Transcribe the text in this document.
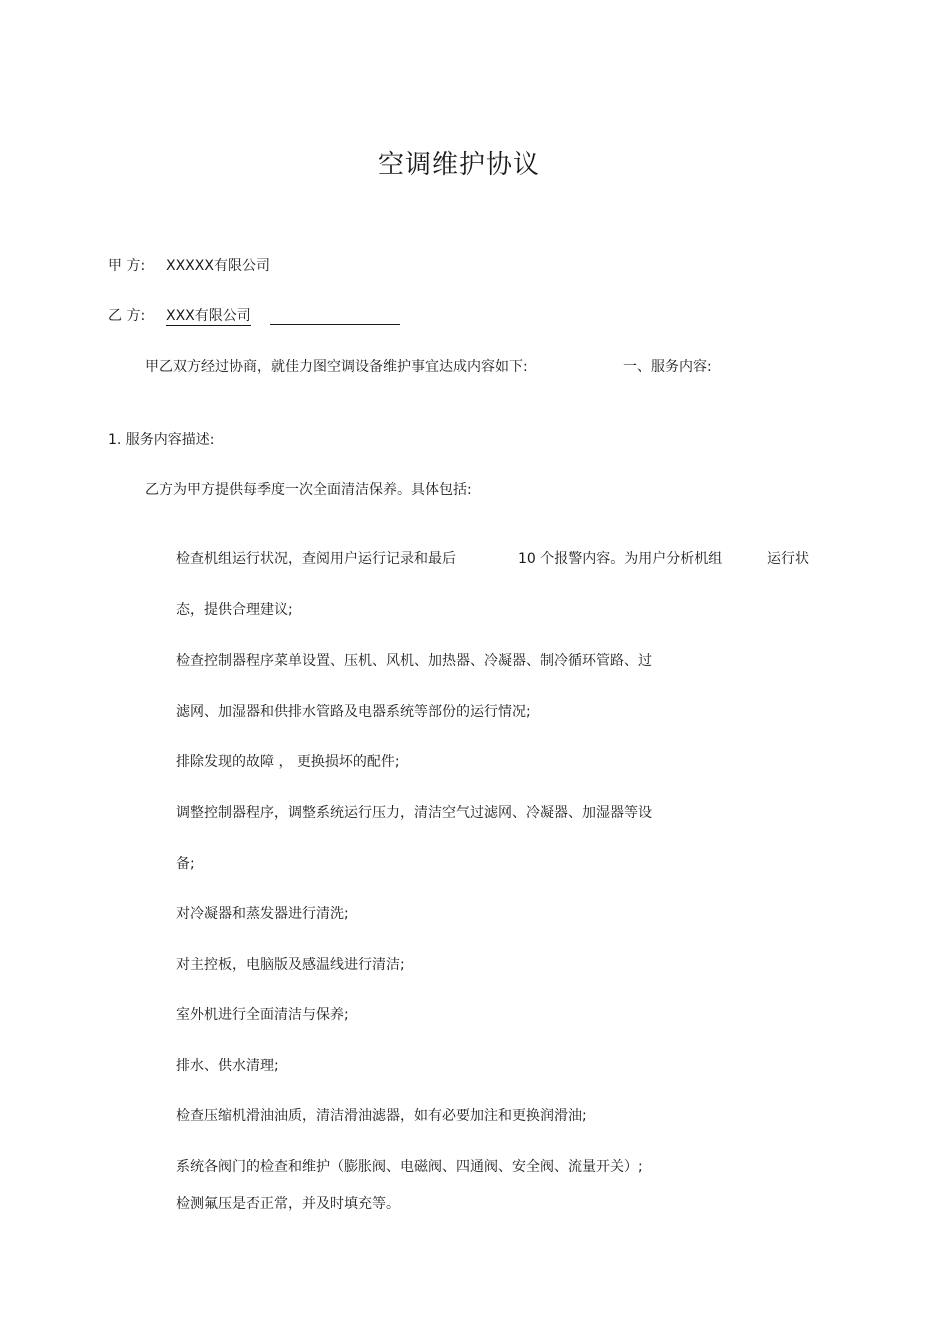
空调维护协议
甲 方: XXXXX有限公司
乙 方: XXX有限公司
甲乙双方经过协商，就佳力图空调设备维护事宜达成内容如下:	一、服务内容:
1. 服务内容描述:
乙方为甲方提供每季度一次全面清洁保养。具体包括:
检查机组运行状况，查阅用户运行记录和最后	10 个报警内容。为用户分析机组	运行状
态，提供合理建议;
检查控制器程序菜单设置、压机、风机、加热器、冷凝器、制冷循环管路、过
滤网、加湿器和供排水管路及电器系统等部份的运行情况;
排除发现的故障 ， 更换损坏的配件;
调整控制器程序，调整系统运行压力，清洁空气过滤网、冷凝器、加湿器等设
备;
对冷凝器和蒸发器进行清洗;
对主控板，电脑版及感温线进行清洁;
室外机进行全面清洁与保养;
排水、供水清理;
检查压缩机滑油油质，清洁滑油滤器，如有必要加注和更换润滑油;
系统各阀门的检查和维护（膨胀阀、电磁阀、四通阀、安全阀、流量开关）;
检测氟压是否正常，并及时填充等。
